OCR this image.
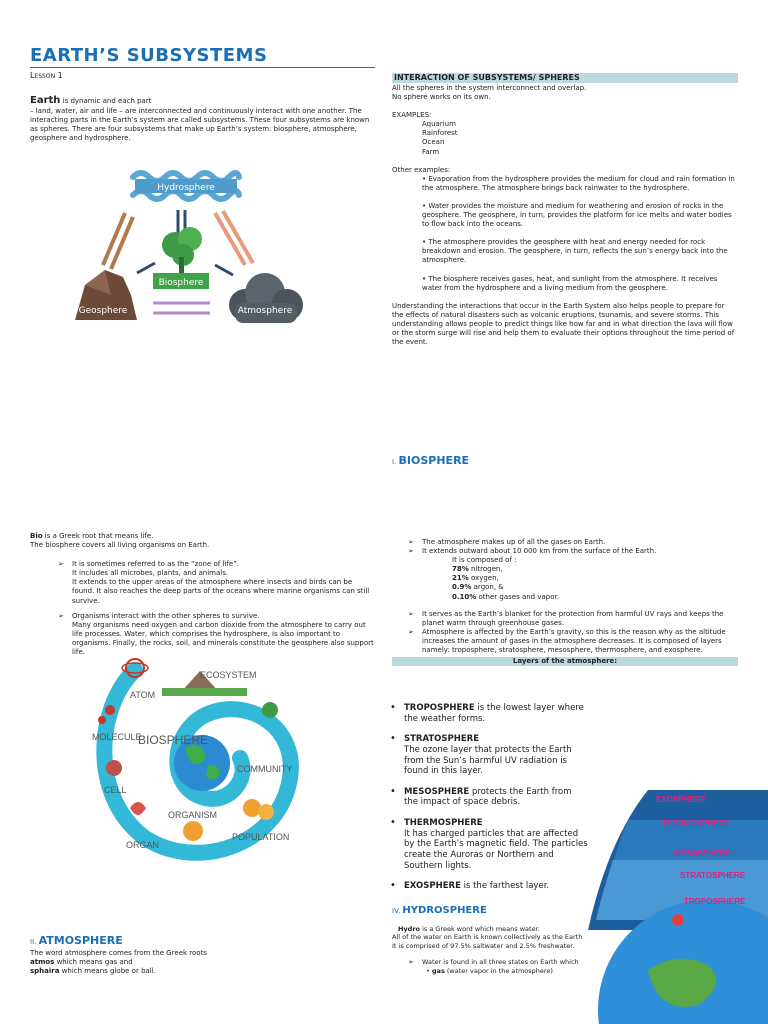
EARTH’S SUBSYSTEMS
Lesson 1
Earth is dynamic and each part
– land, water, air and life – are interconnected and continuously interact with one another. The interacting parts in the Earth’s system are called subsystems. These four subsystems are known as spheres. There are four subsystems that make up Earth’s system: biosphere, atmosphere, geosphere and hydrosphere.
Hydrosphere
Biosphere
Geosphere	Atmosphere
INTERACTION OF SUBSYSTEMS/ SPHERES
All the spheres in the system interconnect and overlap.
No sphere works on its own.
EXAMPLES:
Aquarium
Rainforest
Ocean
Farm
Other examples:
• Evaporation from the hydrosphere provides the medium for cloud and rain formation in the atmosphere. The atmosphere brings back rainwater to the hydrosphere.
• Water provides the moisture and medium for weathering and erosion of rocks in the geosphere. The geosphere, in turn, provides the platform for ice melts and water bodies to flow back into the oceans.
• The atmosphere provides the geosphere with heat and energy needed for rock breakdown and erosion. The geosphere, in turn, reflects the sun’s energy back into the atmosphere.
• The biosphere receives gases, heat, and sunlight from the atmosphere. It receives water from the hydrosphere and a living medium from the geosphere.
Understanding the interactions that occur in the Earth System also helps people to prepare for the effects of natural disasters such as volcanic eruptions, tsunamis, and severe storms. This understanding allows people to predict things like how far and in what direction the lava will flow or the storm surge will rise and help them to evaluate their options throughout the time period of the event.
I. BIOSPHERE
Bio is a Greek root that means life.
The biosphere covers all living organisms on Earth.
➢ It is sometimes referred to as the “zone of life”.
It includes all microbes, plants, and animals.
It extends to the upper areas of the atmosphere where insects and birds can be found. It also reaches the deep parts of the oceans where marine organisms can still survive.
➢ Organisms interact with the other spheres to survive.
Many organisms need oxygen and carbon dioxide from the atmosphere to carry out life processes. Water, which comprises the hydrosphere, is also important to organisms. Finally, the rocks, soil, and minerals constitute the geosphere also support life.
ATOM
MOLECULE
CELL
ORGAN
ORGANISM
POPULATION
COMMUNITY
ECOSYSTEM
BIOSPHERE
II. ATMOSPHERE
The word atmosphere comes from the Greek roots
atmos which means gas and
sphaira which means globe or ball.
➢ The atmosphere makes up of all the gases on Earth.
➢ It extends outward about 10 000 km from the surface of the Earth.
It is composed of :
78% nitrogen,
21% oxygen,
0.9% argon, &
0.10% other gases and vapor.
➢ It serves as the Earth’s blanket for the protection from harmful UV rays and keeps the planet warm through greenhouse gases.
➢ Atmosphere is affected by the Earth’s gravity, so this is the reason why as the altitude increases the amount of gases in the atmosphere decreases. It is composed of layers namely: troposphere, stratosphere, mesosphere, thermosphere, and exosphere.
Layers of the atmosphere:
• TROPOSPHERE is the lowest layer where the weather forms.
• STRATOSPHERE
The ozone layer that protects the Earth from the Sun’s harmful UV radiation is found in this layer.
• MESOSPHERE protects the Earth from the impact of space debris.
• THERMOSPHERE
It has charged particles that are affected by the Earth’s magnetic field. The particles create the Auroras or Northern and Southern lights.
• EXOSPHERE is the farthest layer.
EXOSPHERE
THERMOSPHERE
MESOSPHERE
STRATOSPHERE
TROPOSPHERE
IV. HYDROSPHERE
Hydro is a Greek word which means water.
All of the water on Earth is known collectively as the Earth
It is comprised of 97.5% saltwater and 2.5% freshwater.
➢ Water is found in all three states on Earth which
• gas (water vapor in the atmosphere)
